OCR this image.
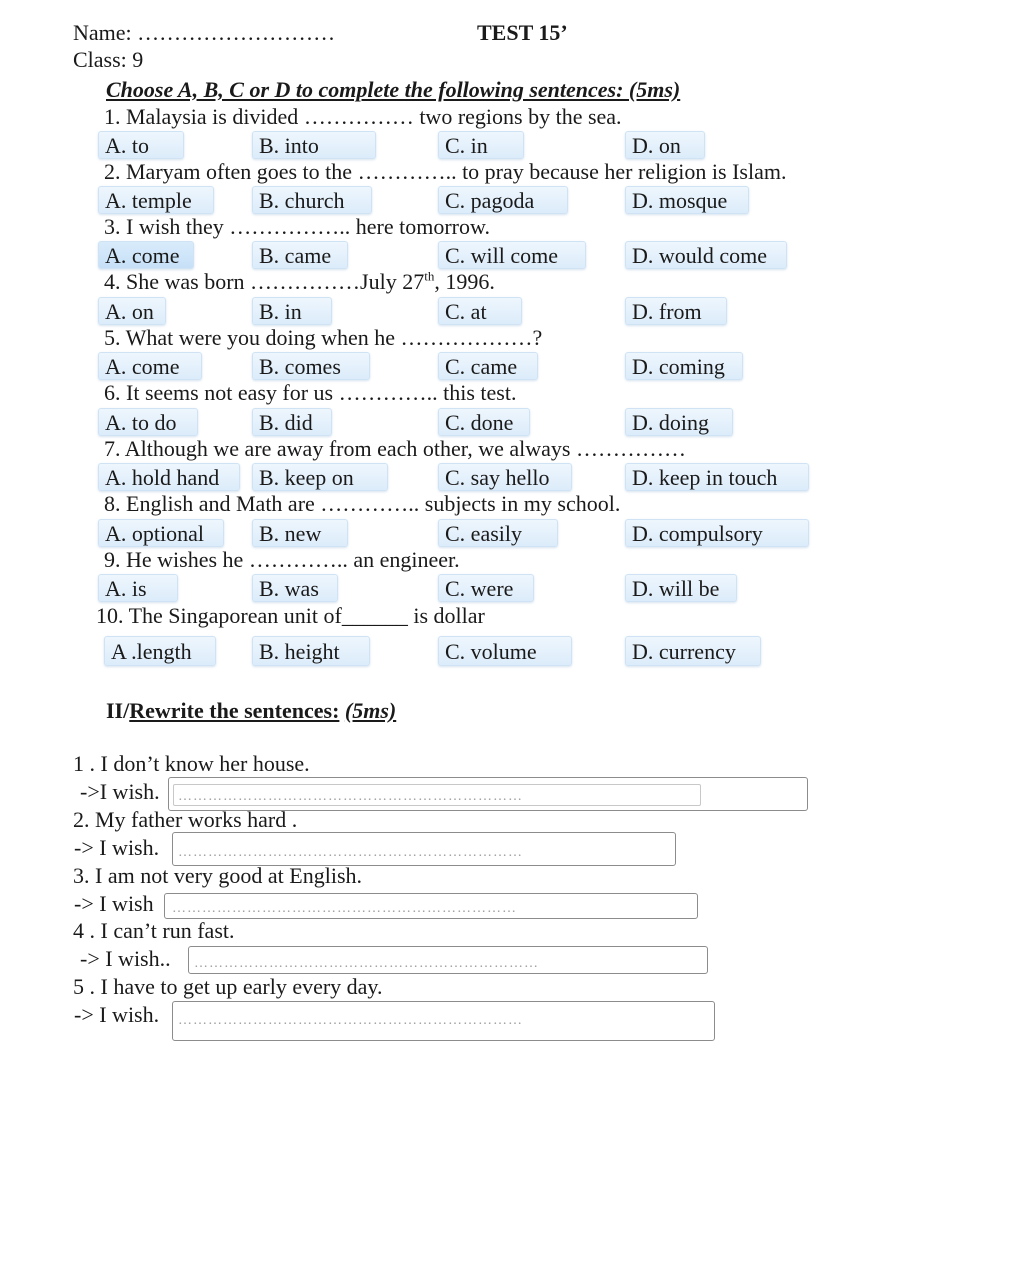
Name: ………………………	TEST 15’
Class: 9
Choose A, B, C or D to complete the following sentences: (5ms)
1. Malaysia is divided …………… two regions by the sea.
A. to	B. into	C. in	D. on
2. Maryam often goes to the ………….. to pray because her religion is Islam.
A. temple	B. church	C. pagoda	D. mosque
3. I wish they …………….. here tomorrow.
A. come	B. came	C. will come	D. would come
4. She was born ……………July 27th, 1996.
A. on	B. in	C. at	D. from
5. What were you doing when he ………………?
A. come	B. comes	C. came	D. coming
6. It seems not easy for us ………….. this test.
A. to do	B. did	C. done	D. doing
7. Although we are away from each other, we always ……………
A. hold hand	B. keep on	C. say hello	D. keep in touch
8. English and Math are ………….. subjects in my school.
A. optional	B. new	C. easily	D. compulsory
9. He wishes he ………….. an engineer.
A. is	B. was	C. were	D. will be
10. The Singaporean unit of______ is dollar
A .length	B. height	C. volume	D. currency
II/Rewrite the sentences: (5ms)
1 . I don’t know her house.
->I wish. ……………………………………………………………
2. My father works hard .
-> I wish. ……………………………………………………………
3. I am not very good at English.
-> I wish ……………………………………………………………
4 . I can’t run fast.
-> I wish.. ……………………………………………………………
5 . I have to get up early every day.
-> I wish. ……………………………………………………………
